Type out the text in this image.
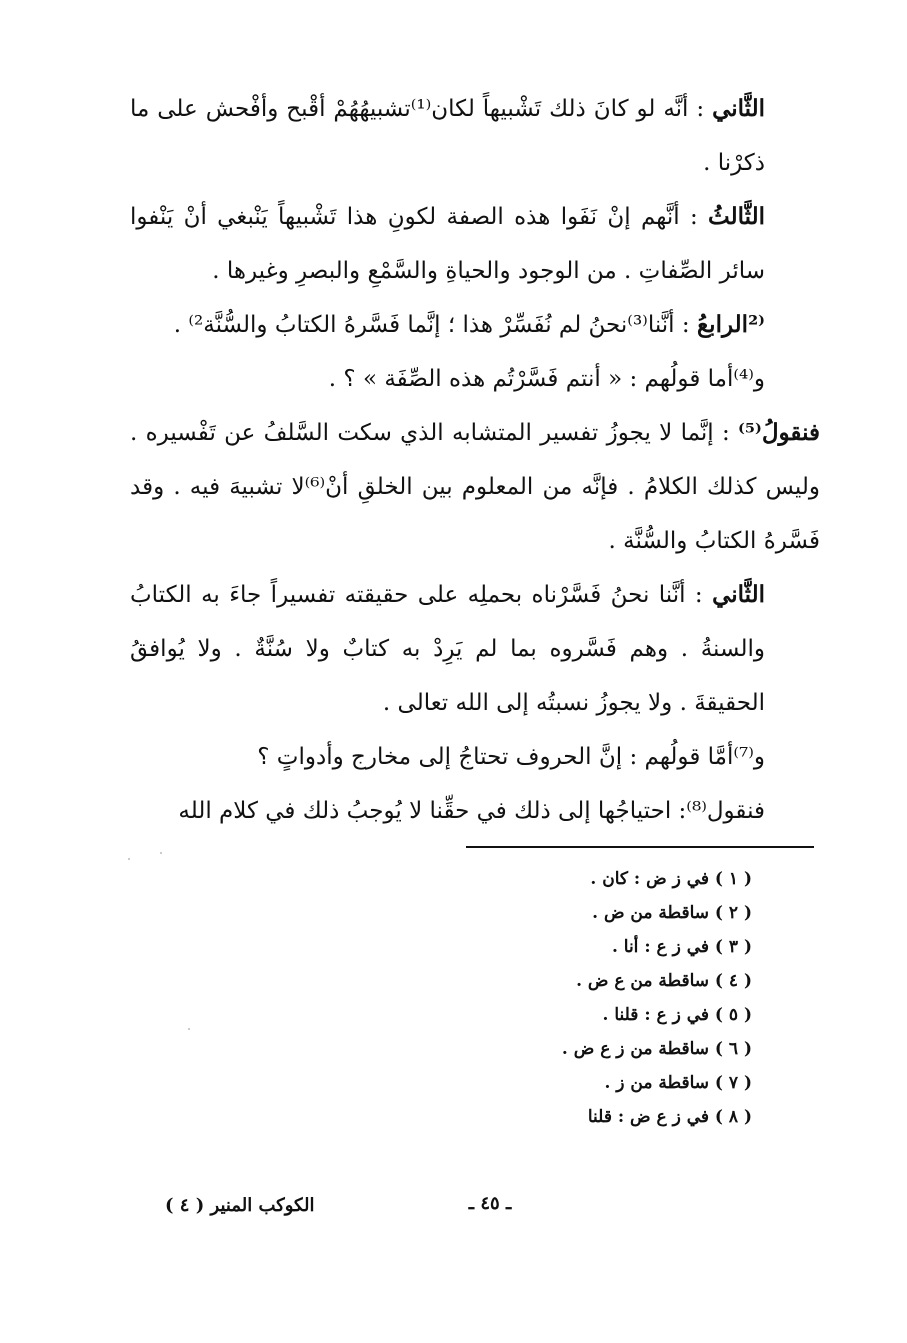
الثَّاني : أنَّه لو كانَ ذلك تَشْبيهاً لكان⁽¹⁾تشبيهُهُمْ أقْبح وأفْحش على ما ذكرْنا .

الثَّالثُ : أنَّهم إنْ نَفَوا هذه الصفة لكونِ هذا تَشْبيهاً يَنْبغي أنْ يَنْفوا سائر الصِّفاتِ . من الوجود والحياةِ والسَّمْعِ والبصرِ وغيرها .

⁽²الرابعُ : أنَّنا⁽³⁾نحنُ لم نُفَسِّرْ هذا ؛ إنَّما فَسَّرهُ الكتابُ والسُّنَّة²⁾ .

و⁽⁴⁾أما قولُهم : « أنتم فَسَّرْتُم هذه الصِّفَة » ؟ .

فنقولُ⁽⁵⁾ : إنَّما لا يجوزُ تفسير المتشابه الذي سكت السَّلفُ عن تَفْسيره . وليس كذلك الكلامُ . فإنَّه من المعلوم بين الخلقِ أنْ⁽⁶⁾لا تشبيهَ فيه . وقد فَسَّرهُ الكتابُ والسُّنَّة .

الثَّاني : أنَّنا نحنُ فَسَّرْناه بحملِه على حقيقته تفسيراً جاءَ به الكتابُ والسنةُ . وهم فَسَّروه بما لم يَرِدْ به كتابٌ ولا سُنَّةٌ . ولا يُوافقُ الحقيقةَ . ولا يجوزُ نسبتُه إلى الله تعالى .

و⁽⁷⁾أمَّا قولُهم : إنَّ الحروف تحتاجُ إلى مخارج وأدواتٍ ؟

فنقول⁽⁸⁾: احتياجُها إلى ذلك في حقِّنا لا يُوجبُ ذلك في كلام الله

( ١ ) في ز ض : كان .
( ٢ ) ساقطة من ض .
( ٣ ) في ز ع : أنا .
( ٤ ) ساقطة من ع ض .
( ٥ ) في ز ع : قلنا .
( ٦ ) ساقطة من ز ع ض .
( ٧ ) ساقطة من ز .
( ٨ ) في ز ع ض : قلنا
ـ ٤٥ ـ
الكوكب المنير ( ٤ )
